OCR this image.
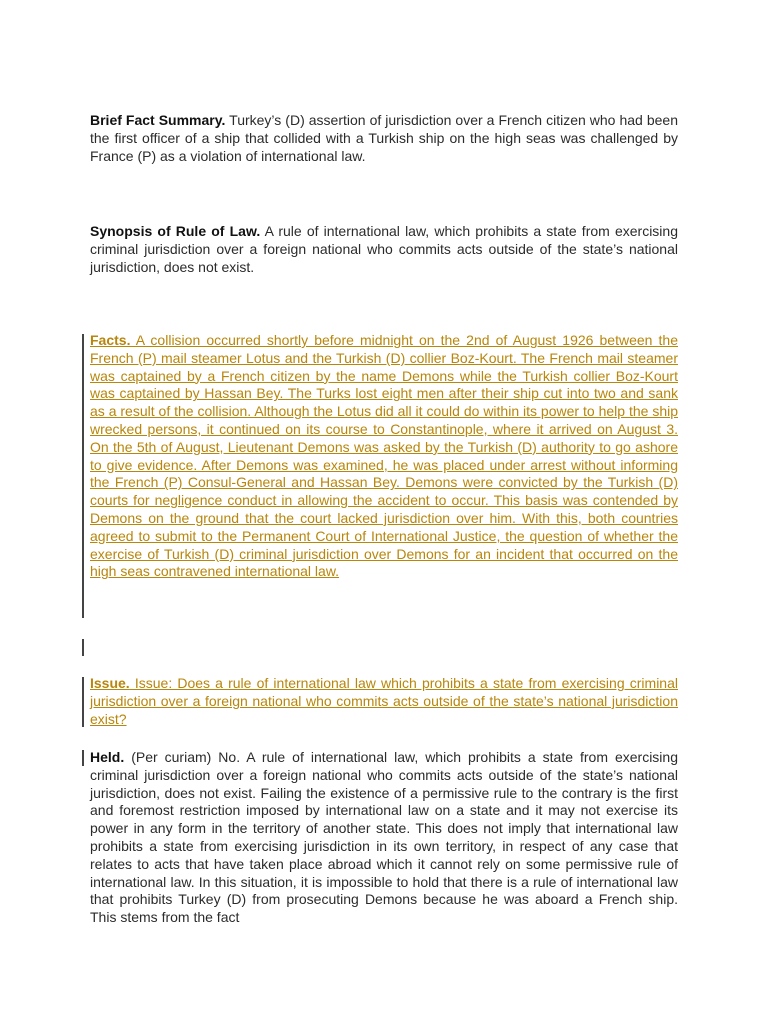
Brief Fact Summary. Turkey’s (D) assertion of jurisdiction over a French citizen who had been the first officer of a ship that collided with a Turkish ship on the high seas was challenged by France (P) as a violation of international law.

Synopsis of Rule of Law. A rule of international law, which prohibits a state from exercising criminal jurisdiction over a foreign national who commits acts outside of the state’s national jurisdiction, does not exist.

Facts. A collision occurred shortly before midnight on the 2nd of August 1926 between the French (P) mail steamer Lotus and the Turkish (D) collier Boz-Kourt. The French mail steamer was captained by a French citizen by the name Demons while the Turkish collier Boz-Kourt was captained by Hassan Bey. The Turks lost eight men after their ship cut into two and sank as a result of the collision. Although the Lotus did all it could do within its power to help the ship wrecked persons, it continued on its course to Constantinople, where it arrived on August 3. On the 5th of August, Lieutenant Demons was asked by the Turkish (D) authority to go ashore to give evidence. After Demons was examined, he was placed under arrest without informing the French (P) Consul-General and Hassan Bey. Demons were convicted by the Turkish (D) courts for negligence conduct in allowing the accident to occur. This basis was contended by Demons on the ground that the court lacked jurisdiction over him. With this, both countries agreed to submit to the Permanent Court of International Justice, the question of whether the exercise of Turkish (D) criminal jurisdiction over Demons for an incident that occurred on the high seas contravened international law.

Issue. Issue: Does a rule of international law which prohibits a state from exercising criminal jurisdiction over a foreign national who commits acts outside of the state’s national jurisdiction exist?

Held. (Per curiam) No. A rule of international law, which prohibits a state from exercising criminal jurisdiction over a foreign national who commits acts outside of the state’s national jurisdiction, does not exist. Failing the existence of a permissive rule to the contrary is the first and foremost restriction imposed by international law on a state and it may not exercise its power in any form in the territory of another state. This does not imply that international law prohibits a state from exercising jurisdiction in its own territory, in respect of any case that relates to acts that have taken place abroad which it cannot rely on some permissive rule of international law. In this situation, it is impossible to hold that there is a rule of international law that prohibits Turkey (D) from prosecuting Demons because he was aboard a French ship. This stems from the fact
